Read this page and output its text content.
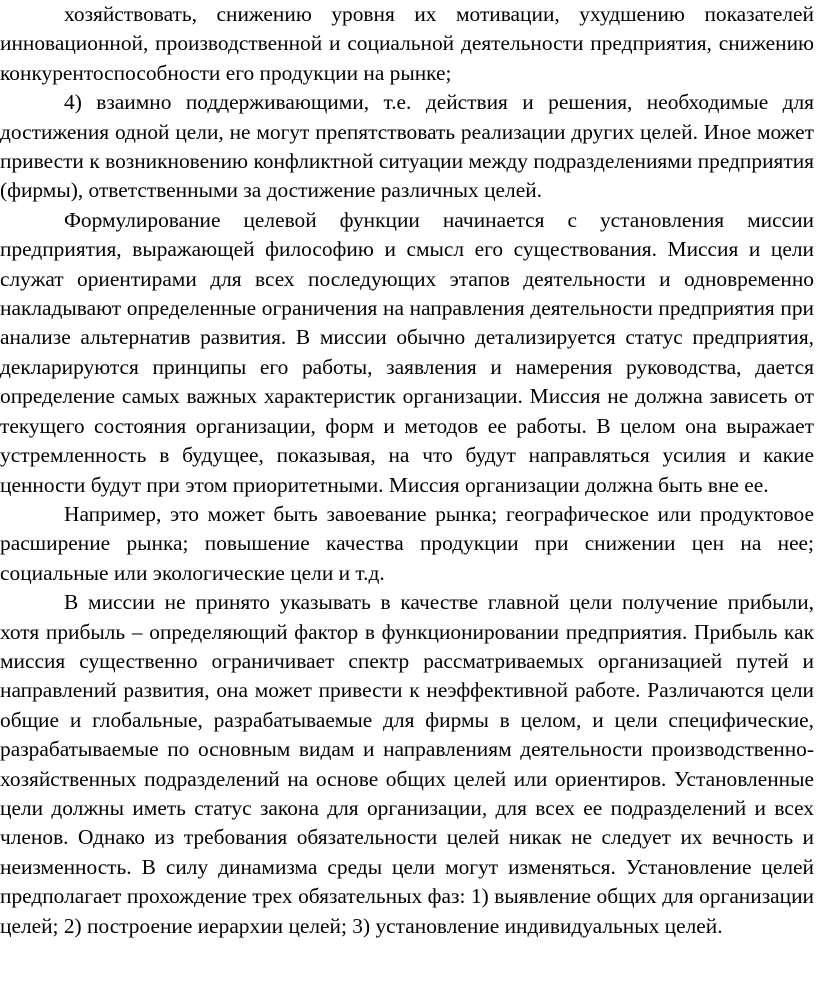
хозяйствовать, снижению уровня их мотивации, ухудшению показателей инновационной, производственной и социальной деятельности предприятия, снижению конкурентоспособности его продукции на рынке;

4) взаимно поддерживающими, т.е. действия и решения, необходимые для достижения одной цели, не могут препятствовать реализации других целей. Иное может привести к возникновению конфликтной ситуации между подразделениями предприятия (фирмы), ответственными за достижение различных целей.

Формулирование целевой функции начинается с установления миссии предприятия, выражающей философию и смысл его существования. Миссия и цели служат ориентирами для всех последующих этапов деятельности и одновременно накладывают определенные ограничения на направления деятельности предприятия при анализе альтернатив развития. В миссии обычно детализируется статус предприятия, декларируются принципы его работы, заявления и намерения руководства, дается определение самых важных характеристик организации. Миссия не должна зависеть от текущего состояния организации, форм и методов ее работы. В целом она выражает устремленность в будущее, показывая, на что будут направляться усилия и какие ценности будут при этом приоритетными. Миссия организации должна быть вне ее.

Например, это может быть завоевание рынка; географическое или продуктовое расширение рынка; повышение качества продукции при снижении цен на нее; социальные или экологические цели и т.д.

В миссии не принято указывать в качестве главной цели получение прибыли, хотя прибыль – определяющий фактор в функционировании предприятия. Прибыль как миссия существенно ограничивает спектр рассматриваемых организацией путей и направлений развития, она может привести к неэффективной работе. Различаются цели общие и глобальные, разрабатываемые для фирмы в целом, и цели специфические, разрабатываемые по основным видам и направлениям деятельности производственно-хозяйственных подразделений на основе общих целей или ориентиров. Установленные цели должны иметь статус закона для организации, для всех ее подразделений и всех членов. Однако из требования обязательности целей никак не следует их вечность и неизменность. В силу динамизма среды цели могут изменяться. Установление целей предполагает прохождение трех обязательных фаз: 1) выявление общих для организации целей; 2) построение иерархии целей; 3) установление индивидуальных целей.
